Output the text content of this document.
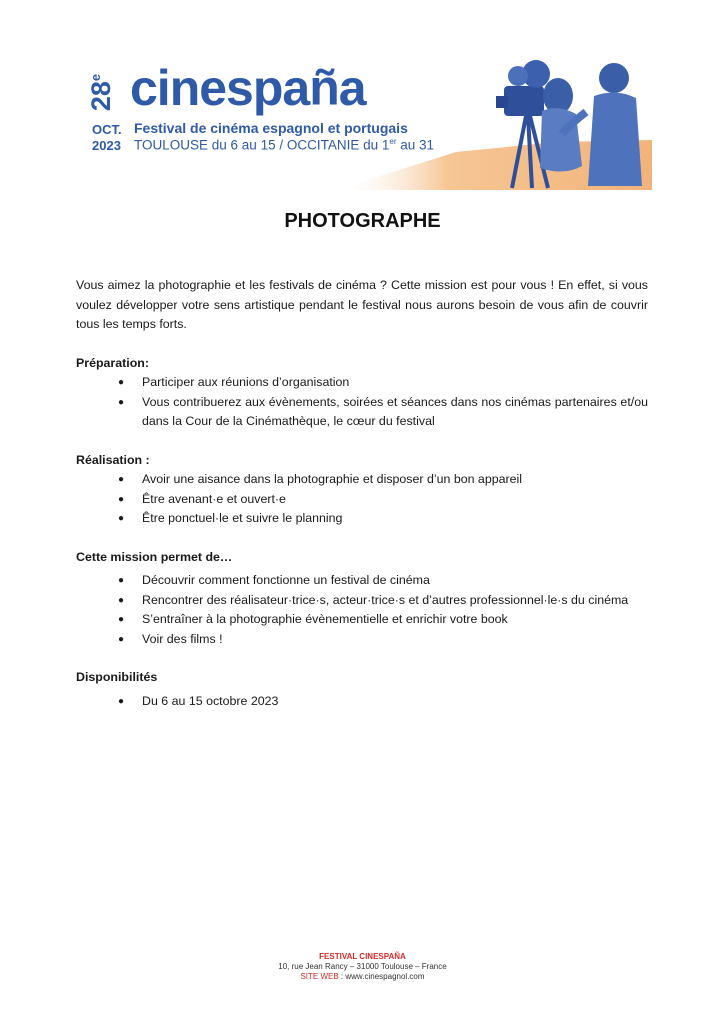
28e cinespaña
OCT.
2023
Festival de cinéma espagnol et portugais
TOULOUSE du 6 au 15 / OCCITANIE du 1er au 31
PHOTOGRAPHE

Vous aimez la photographie et les festivals de cinéma ? Cette mission est pour vous ! En effet, si vous voulez développer votre sens artistique pendant le festival nous aurons besoin de vous afin de couvrir tous les temps forts.

Préparation:

● Participer aux réunions d’organisation
● Vous contribuerez aux évènements, soirées et séances dans nos cinémas partenaires et/ou dans la Cour de la Cinémathèque, le cœur du festival

Réalisation :

● Avoir une aisance dans la photographie et disposer d’un bon appareil
● Être avenant·e et ouvert·e
● Être ponctuel·le et suivre le planning

Cette mission permet de…

● Découvrir comment fonctionne un festival de cinéma
● Rencontrer des réalisateur·trice·s, acteur·trice·s et d’autres professionnel·le·s du cinéma
● S’entraîner à la photographie évènementielle et enrichir votre book
● Voir des films !

Disponibilités

● Du 6 au 15 octobre 2023
FESTIVAL CINESPAÑA
10, rue Jean Rancy – 31000 Toulouse – France
SITE WEB : www.cinespagnol.com
